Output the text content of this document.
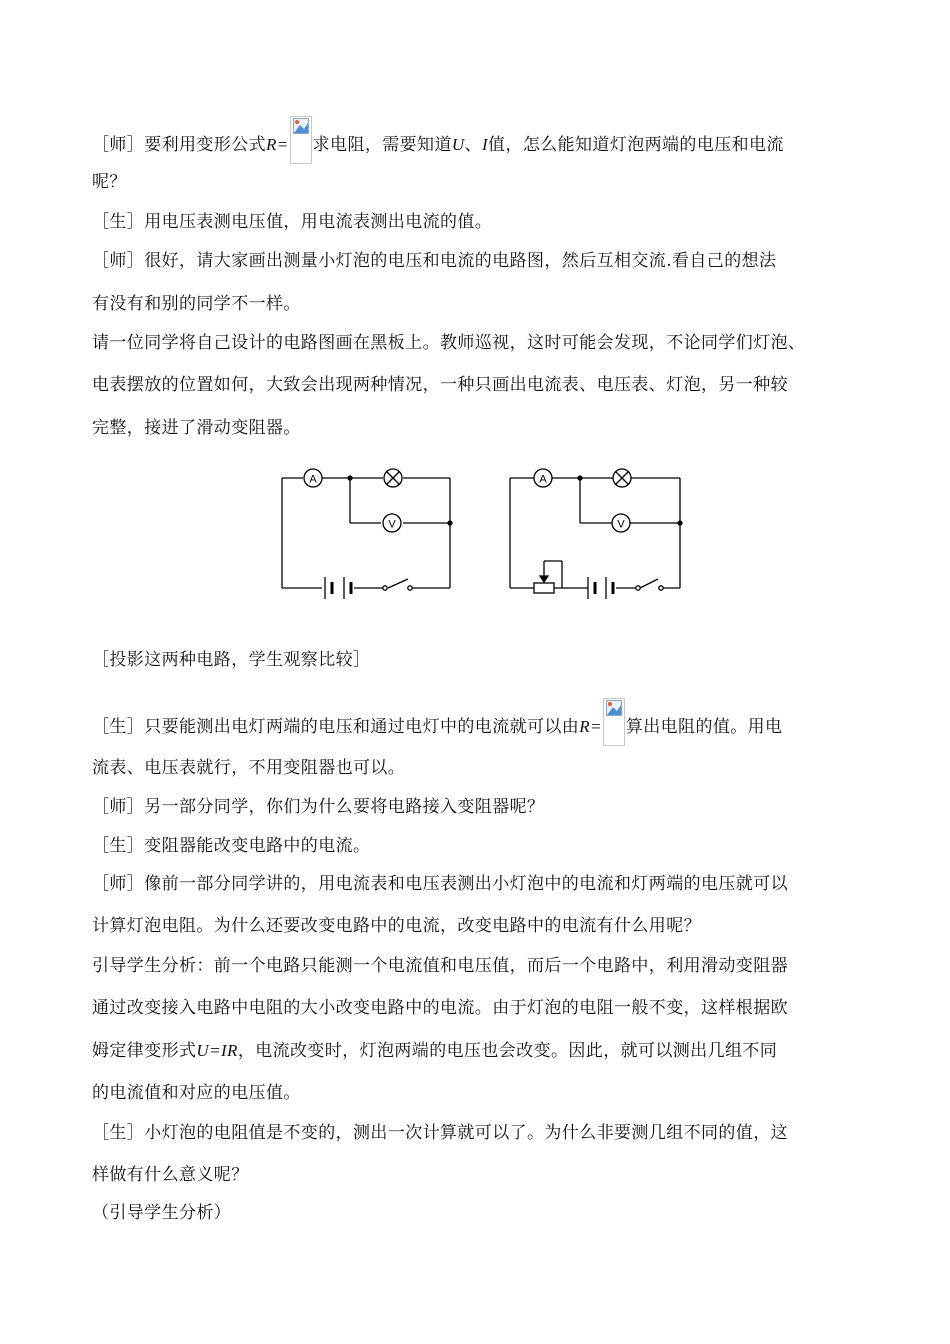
［师］要利用变形公式R= 求电阻，需要知道U、I值，怎么能知道灯泡两端的电压和电流
呢？
［生］用电压表测电压值，用电流表测出电流的值。
［师］很好，请大家画出测量小灯泡的电压和电流的电路图，然后互相交流.看自己的想法
有没有和别的同学不一样。
请一位同学将自己设计的电路图画在黑板上。教师巡视，这时可能会发现，不论同学们灯泡、
电表摆放的位置如何，大致会出现两种情况，一种只画出电流表、电压表、灯泡，另一种较
完整，接进了滑动变阻器。
A
V
A
V
［投影这两种电路，学生观察比较］
［生］只要能测出电灯两端的电压和通过电灯中的电流就可以由R= 算出电阻的值。用电
流表、电压表就行，不用变阻器也可以。
［师］另一部分同学，你们为什么要将电路接入变阻器呢？
［生］变阻器能改变电路中的电流。
［师］像前一部分同学讲的，用电流表和电压表测出小灯泡中的电流和灯两端的电压就可以
计算灯泡电阻。为什么还要改变电路中的电流，改变电路中的电流有什么用呢？
引导学生分析：前一个电路只能测一个电流值和电压值，而后一个电路中，利用滑动变阻器
通过改变接入电路中电阻的大小改变电路中的电流。由于灯泡的电阻一般不变，这样根据欧
姆定律变形式U=IR，电流改变时，灯泡两端的电压也会改变。因此，就可以测出几组不同
的电流值和对应的电压值。
［生］小灯泡的电阻值是不变的，测出一次计算就可以了。为什么非要测几组不同的值，这
样做有什么意义呢？
（引导学生分析）
